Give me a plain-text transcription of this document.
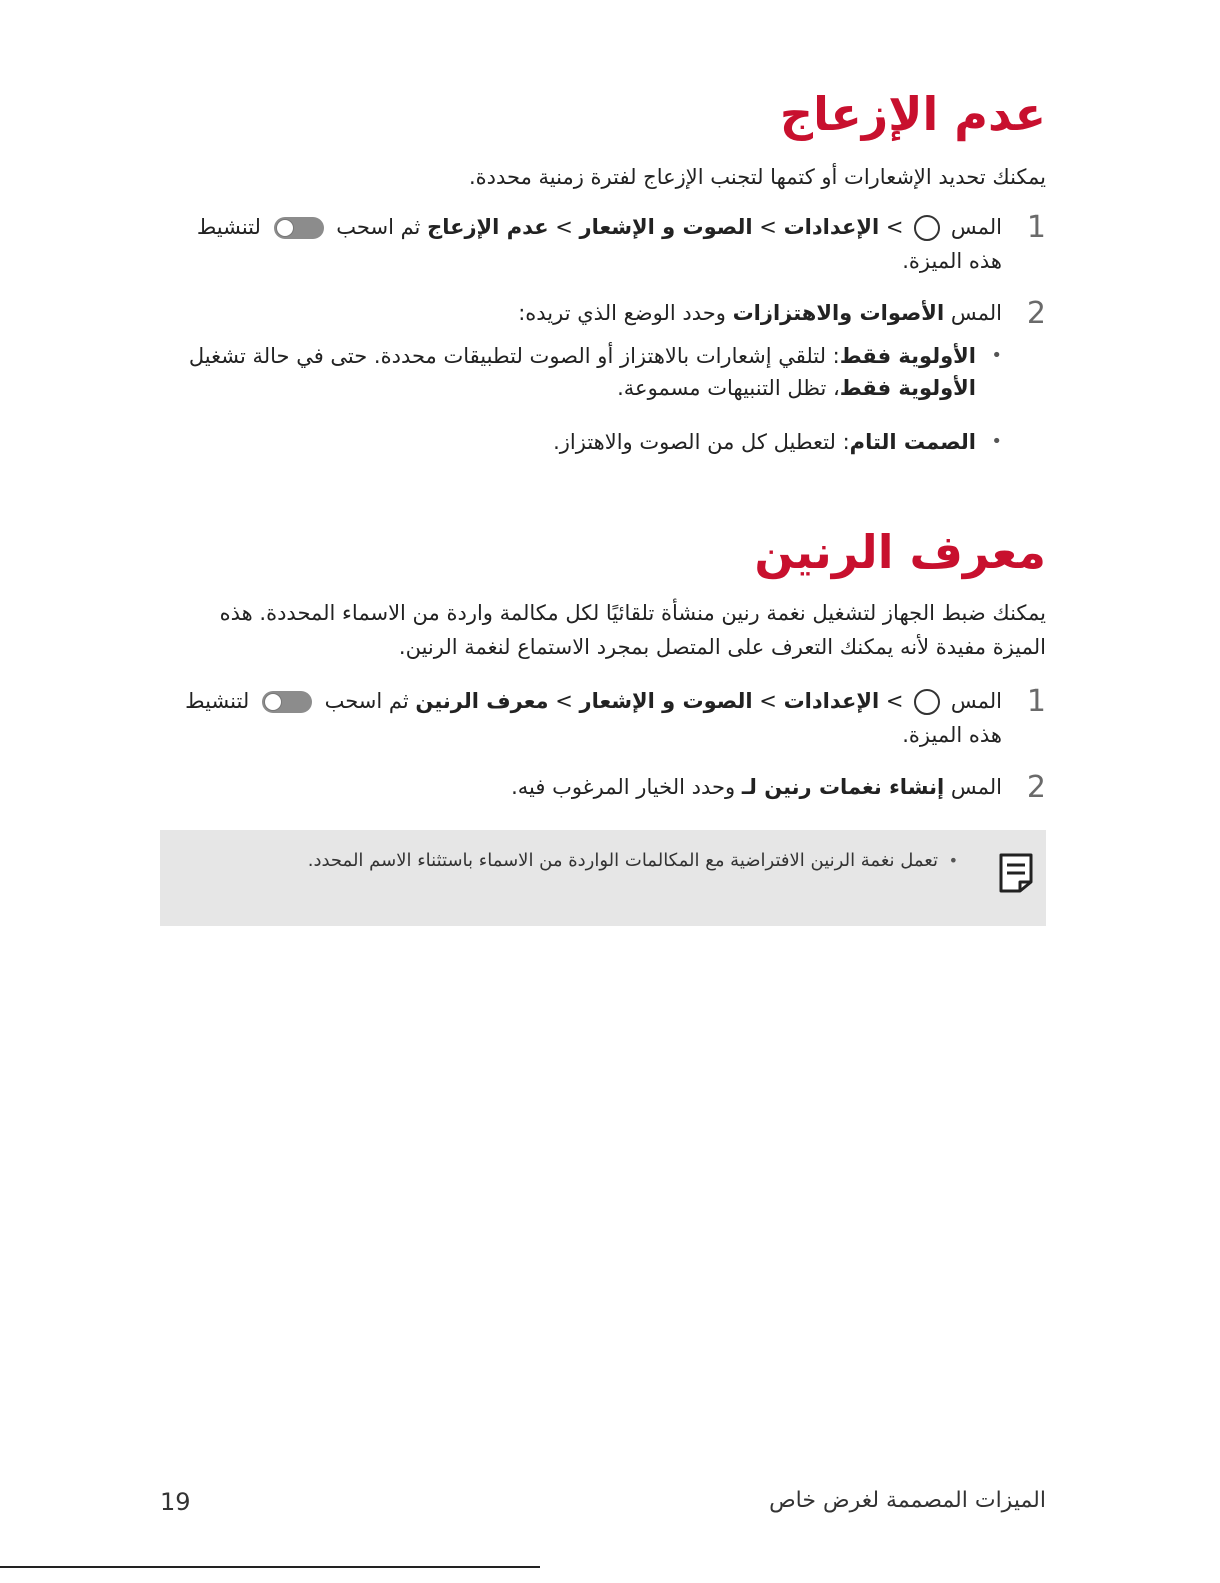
عدم الإزعاج

يمكنك تحديد الإشعارات أو كتمها لتجنب الإزعاج لفترة زمنية محددة.

1
المس  > الإعدادات > الصوت و الإشعار > عدم الإزعاج ثم اسحب  لتنشيط هذه الميزة.
2
المس الأصوات والاهتزازات وحدد الوضع الذي تريده:
• الأولوية فقط: لتلقي إشعارات بالاهتزاز أو الصوت لتطبيقات محددة. حتى في حالة تشغيل الأولوية فقط، تظل التنبيهات مسموعة.
• الصمت التام: لتعطيل كل من الصوت والاهتزاز.
معرف الرنين

يمكنك ضبط الجهاز لتشغيل نغمة رنين منشأة تلقائيًا لكل مكالمة واردة من الاسماء المحددة. هذه الميزة مفيدة لأنه يمكنك التعرف على المتصل بمجرد الاستماع لنغمة الرنين.

1
المس  > الإعدادات > الصوت و الإشعار > معرف الرنين ثم اسحب  لتنشيط هذه الميزة.
2
المس إنشاء نغمات رنين لـ وحدد الخيار المرغوب فيه.
• تعمل نغمة الرنين الافتراضية مع المكالمات الواردة من الاسماء باستثناء الاسم المحدد.
الميزات المصممة لغرض خاص
19
